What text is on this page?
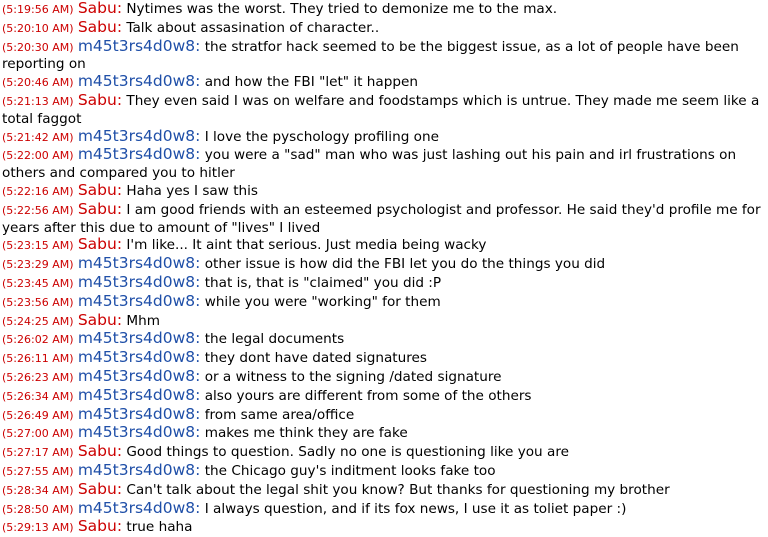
(5:19:56 AM) Sabu: Nytimes was the worst. They tried to demonize me to the max.

(5:20:10 AM) Sabu: Talk about assasination of character..

(5:20:30 AM) m45t3rs4d0w8: the stratfor hack seemed to be the biggest issue, as a lot of people have been reporting on

(5:20:46 AM) m45t3rs4d0w8: and how the FBI "let" it happen

(5:21:13 AM) Sabu: They even said I was on welfare and foodstamps which is untrue. They made me seem like a total faggot

(5:21:42 AM) m45t3rs4d0w8: I love the pyschology profiling one

(5:22:00 AM) m45t3rs4d0w8: you were a "sad" man who was just lashing out his pain and irl frustrations on others and compared you to hitler

(5:22:16 AM) Sabu: Haha yes I saw this

(5:22:56 AM) Sabu: I am good friends with an esteemed psychologist and professor. He said they'd profile me for years after this due to amount of "lives" I lived

(5:23:15 AM) Sabu: I'm like... It aint that serious. Just media being wacky

(5:23:29 AM) m45t3rs4d0w8: other issue is how did the FBI let you do the things you did

(5:23:45 AM) m45t3rs4d0w8: that is, that is "claimed" you did :P

(5:23:56 AM) m45t3rs4d0w8: while you were "working" for them

(5:24:25 AM) Sabu: Mhm

(5:26:02 AM) m45t3rs4d0w8: the legal documents

(5:26:11 AM) m45t3rs4d0w8: they dont have dated signatures

(5:26:23 AM) m45t3rs4d0w8: or a witness to the signing /dated signature

(5:26:34 AM) m45t3rs4d0w8: also yours are different from some of the others

(5:26:49 AM) m45t3rs4d0w8: from same area/office

(5:27:00 AM) m45t3rs4d0w8: makes me think they are fake

(5:27:17 AM) Sabu: Good things to question. Sadly no one is questioning like you are

(5:27:55 AM) m45t3rs4d0w8: the Chicago guy's inditment looks fake too

(5:28:34 AM) Sabu: Can't talk about the legal shit you know? But thanks for questioning my brother

(5:28:50 AM) m45t3rs4d0w8: I always question, and if its fox news, I use it as toliet paper :)

(5:29:13 AM) Sabu: true haha
